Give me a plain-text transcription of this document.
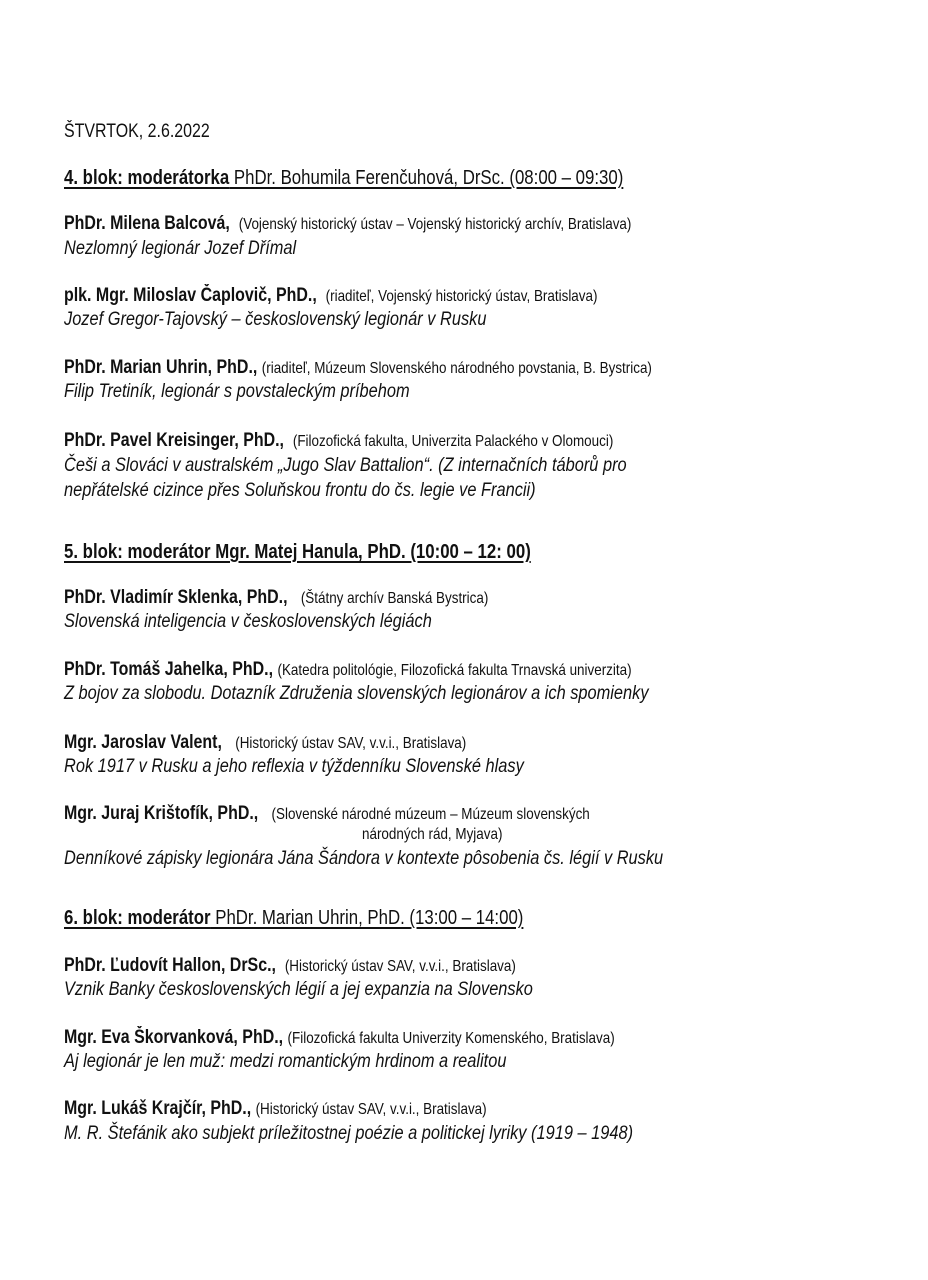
ŠTVRTOK, 2.6.2022
4. blok: moderátorka PhDr. Bohumila Ferenčuhová, DrSc. (08:00 – 09:30)
PhDr. Milena Balcová, (Vojenský historický ústav – Vojenský historický archív, Bratislava)
Nezlomný legionár Jozef Dřímal
plk. Mgr. Miloslav Čaplovič, PhD., (riaditeľ, Vojenský historický ústav, Bratislava)
Jozef Gregor-Tajovský – československý legionár v Rusku
PhDr. Marian Uhrin, PhD., (riaditeľ, Múzeum Slovenského národného povstania, B. Bystrica)
Filip Tretiník, legionár s povstaleckým príbehom
PhDr. Pavel Kreisinger, PhD., (Filozofická fakulta, Univerzita Palackého v Olomouci)
Češi a Slováci v australském „Jugo Slav Battalion“. (Z internačních táborů pro
nepřátelské cizince přes Soluňskou frontu do čs. legie ve Francii)
5. blok: moderátor Mgr. Matej Hanula, PhD. (10:00 – 12: 00)
PhDr. Vladimír Sklenka, PhD., (Štátny archív Banská Bystrica)
Slovenská inteligencia v československých légiách
PhDr. Tomáš Jahelka, PhD., (Katedra politológie, Filozofická fakulta Trnavská univerzita)
Z bojov za slobodu. Dotazník Združenia slovenských legionárov a ich spomienky
Mgr. Jaroslav Valent, (Historický ústav SAV, v.v.i., Bratislava)
Rok 1917 v Rusku a jeho reflexia v týždenníku Slovenské hlasy
Mgr. Juraj Krištofík, PhD., (Slovenské národné múzeum – Múzeum slovenských
národných rád, Myjava)
Denníkové zápisky legionára Jána Šándora v kontexte pôsobenia čs. légií v Rusku
6. blok: moderátor PhDr. Marian Uhrin, PhD. (13:00 – 14:00)
PhDr. Ľudovít Hallon, DrSc., (Historický ústav SAV, v.v.i., Bratislava)
Vznik Banky československých légií a jej expanzia na Slovensko
Mgr. Eva Škorvanková, PhD., (Filozofická fakulta Univerzity Komenského, Bratislava)
Aj legionár je len muž: medzi romantickým hrdinom a realitou
Mgr. Lukáš Krajčír, PhD., (Historický ústav SAV, v.v.i., Bratislava)
M. R. Štefánik ako subjekt príležitostnej poézie a politickej lyriky (1919 – 1948)
